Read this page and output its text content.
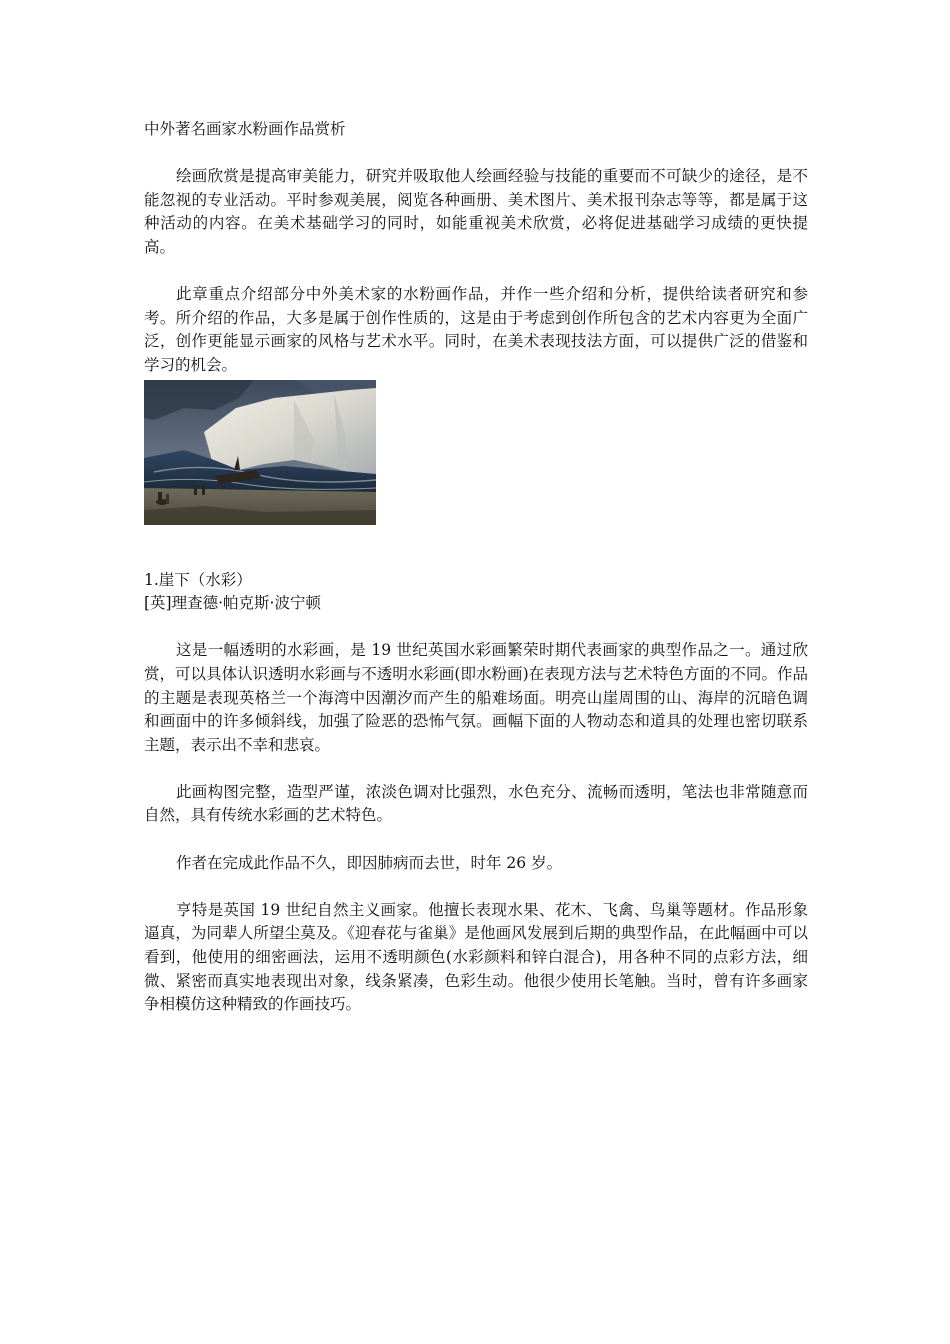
中外著名画家水粉画作品赏析

绘画欣赏是提高审美能力，研究并吸取他人绘画经验与技能的重要而不可缺少的途径，是不能忽视的专业活动。平时参观美展，阅览各种画册、美术图片、美术报刊杂志等等，都是属于这种活动的内容。在美术基础学习的同时，如能重视美术欣赏，必将促进基础学习成绩的更快提高。

此章重点介绍部分中外美术家的水粉画作品，并作一些介绍和分析，提供给读者研究和参考。所介绍的作品，大多是属于创作性质的，这是由于考虑到创作所包含的艺术内容更为全面广泛，创作更能显示画家的风格与艺术水平。同时，在美术表现技法方面，可以提供广泛的借鉴和学习的机会。

1.崖下（水彩）

[英]理查德·帕克斯·波宁顿

这是一幅透明的水彩画，是 19 世纪英国水彩画繁荣时期代表画家的典型作品之一。通过欣赏，可以具体认识透明水彩画与不透明水彩画(即水粉画)在表现方法与艺术特色方面的不同。作品的主题是表现英格兰一个海湾中因潮汐而产生的船难场面。明亮山崖周围的山、海岸的沉暗色调和画面中的许多倾斜线，加强了险恶的恐怖气氛。画幅下面的人物动态和道具的处理也密切联系主题，表示出不幸和悲哀。

此画构图完整，造型严谨，浓淡色调对比强烈，水色充分、流畅而透明，笔法也非常随意而自然，具有传统水彩画的艺术特色。

作者在完成此作品不久，即因肺病而去世，时年 26 岁。

亨特是英国 19 世纪自然主义画家。他擅长表现水果、花木、飞禽、鸟巢等题材。作品形象逼真，为同辈人所望尘莫及。《迎春花与雀巢》是他画风发展到后期的典型作品，在此幅画中可以看到，他使用的细密画法，运用不透明颜色(水彩颜料和锌白混合)，用各种不同的点彩方法，细微、紧密而真实地表现出对象，线条紧凑，色彩生动。他很少使用长笔触。当时，曾有许多画家争相模仿这种精致的作画技巧。
